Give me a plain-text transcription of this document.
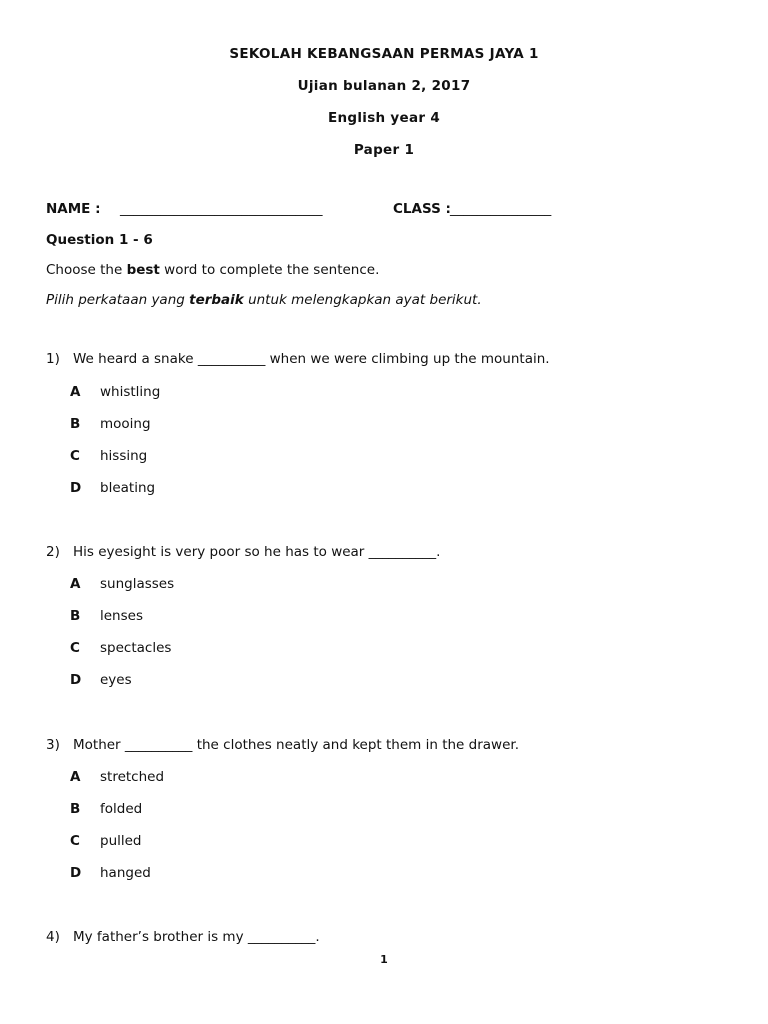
SEKOLAH KEBANGSAAN PERMAS JAYA 1
Ujian bulanan 2, 2017
English year 4
Paper 1
NAME : ______________________________	CLASS : _______________
Question 1 - 6
Choose the best word to complete the sentence.
Pilih perkataan yang terbaik untuk melengkapkan ayat berikut.
1) We heard a snake __________ when we were climbing up the mountain.
A whistling
B mooing
C hissing
D bleating
2) His eyesight is very poor so he has to wear __________.
A sunglasses
B lenses
C spectacles
D eyes
3) Mother __________ the clothes neatly and kept them in the drawer.
A stretched
B folded
C pulled
D hanged
4) My father’s brother is my __________.
1
